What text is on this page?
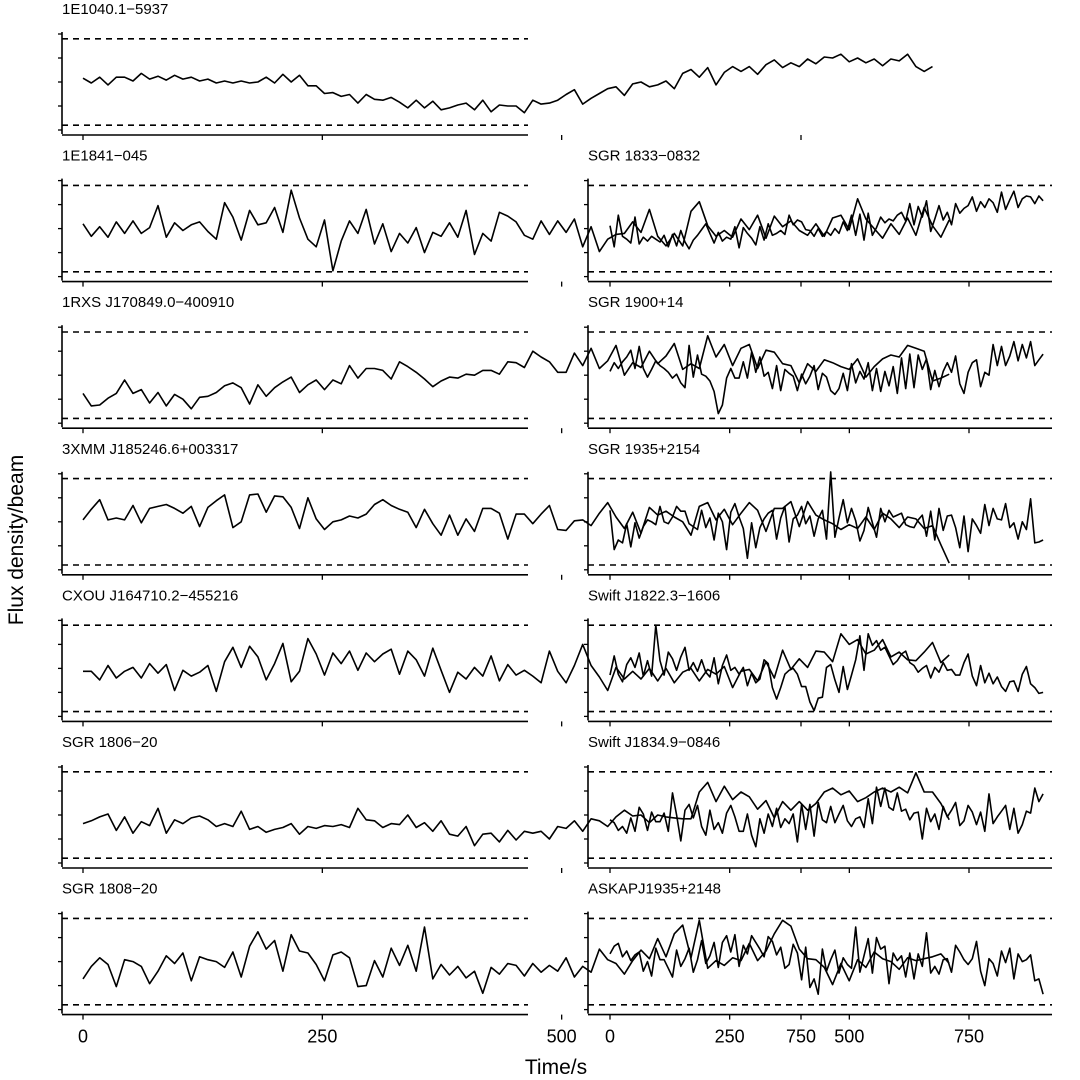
1E1040.1−5937
1E1841−045	SGR 1833−0832
1RXS J170849.0−400910	SGR 1900+14
3XMM J185246.6+003317	SGR 1935+2154
CXOU J164710.2−455216	Swift J1822.3−1606
SGR 1806−20	Swift J1834.9−0846
SGR 1808−20	ASKAPJ1935+2148
0	250	500	750
0	250	500	750
Flux density/beam
Time/s
